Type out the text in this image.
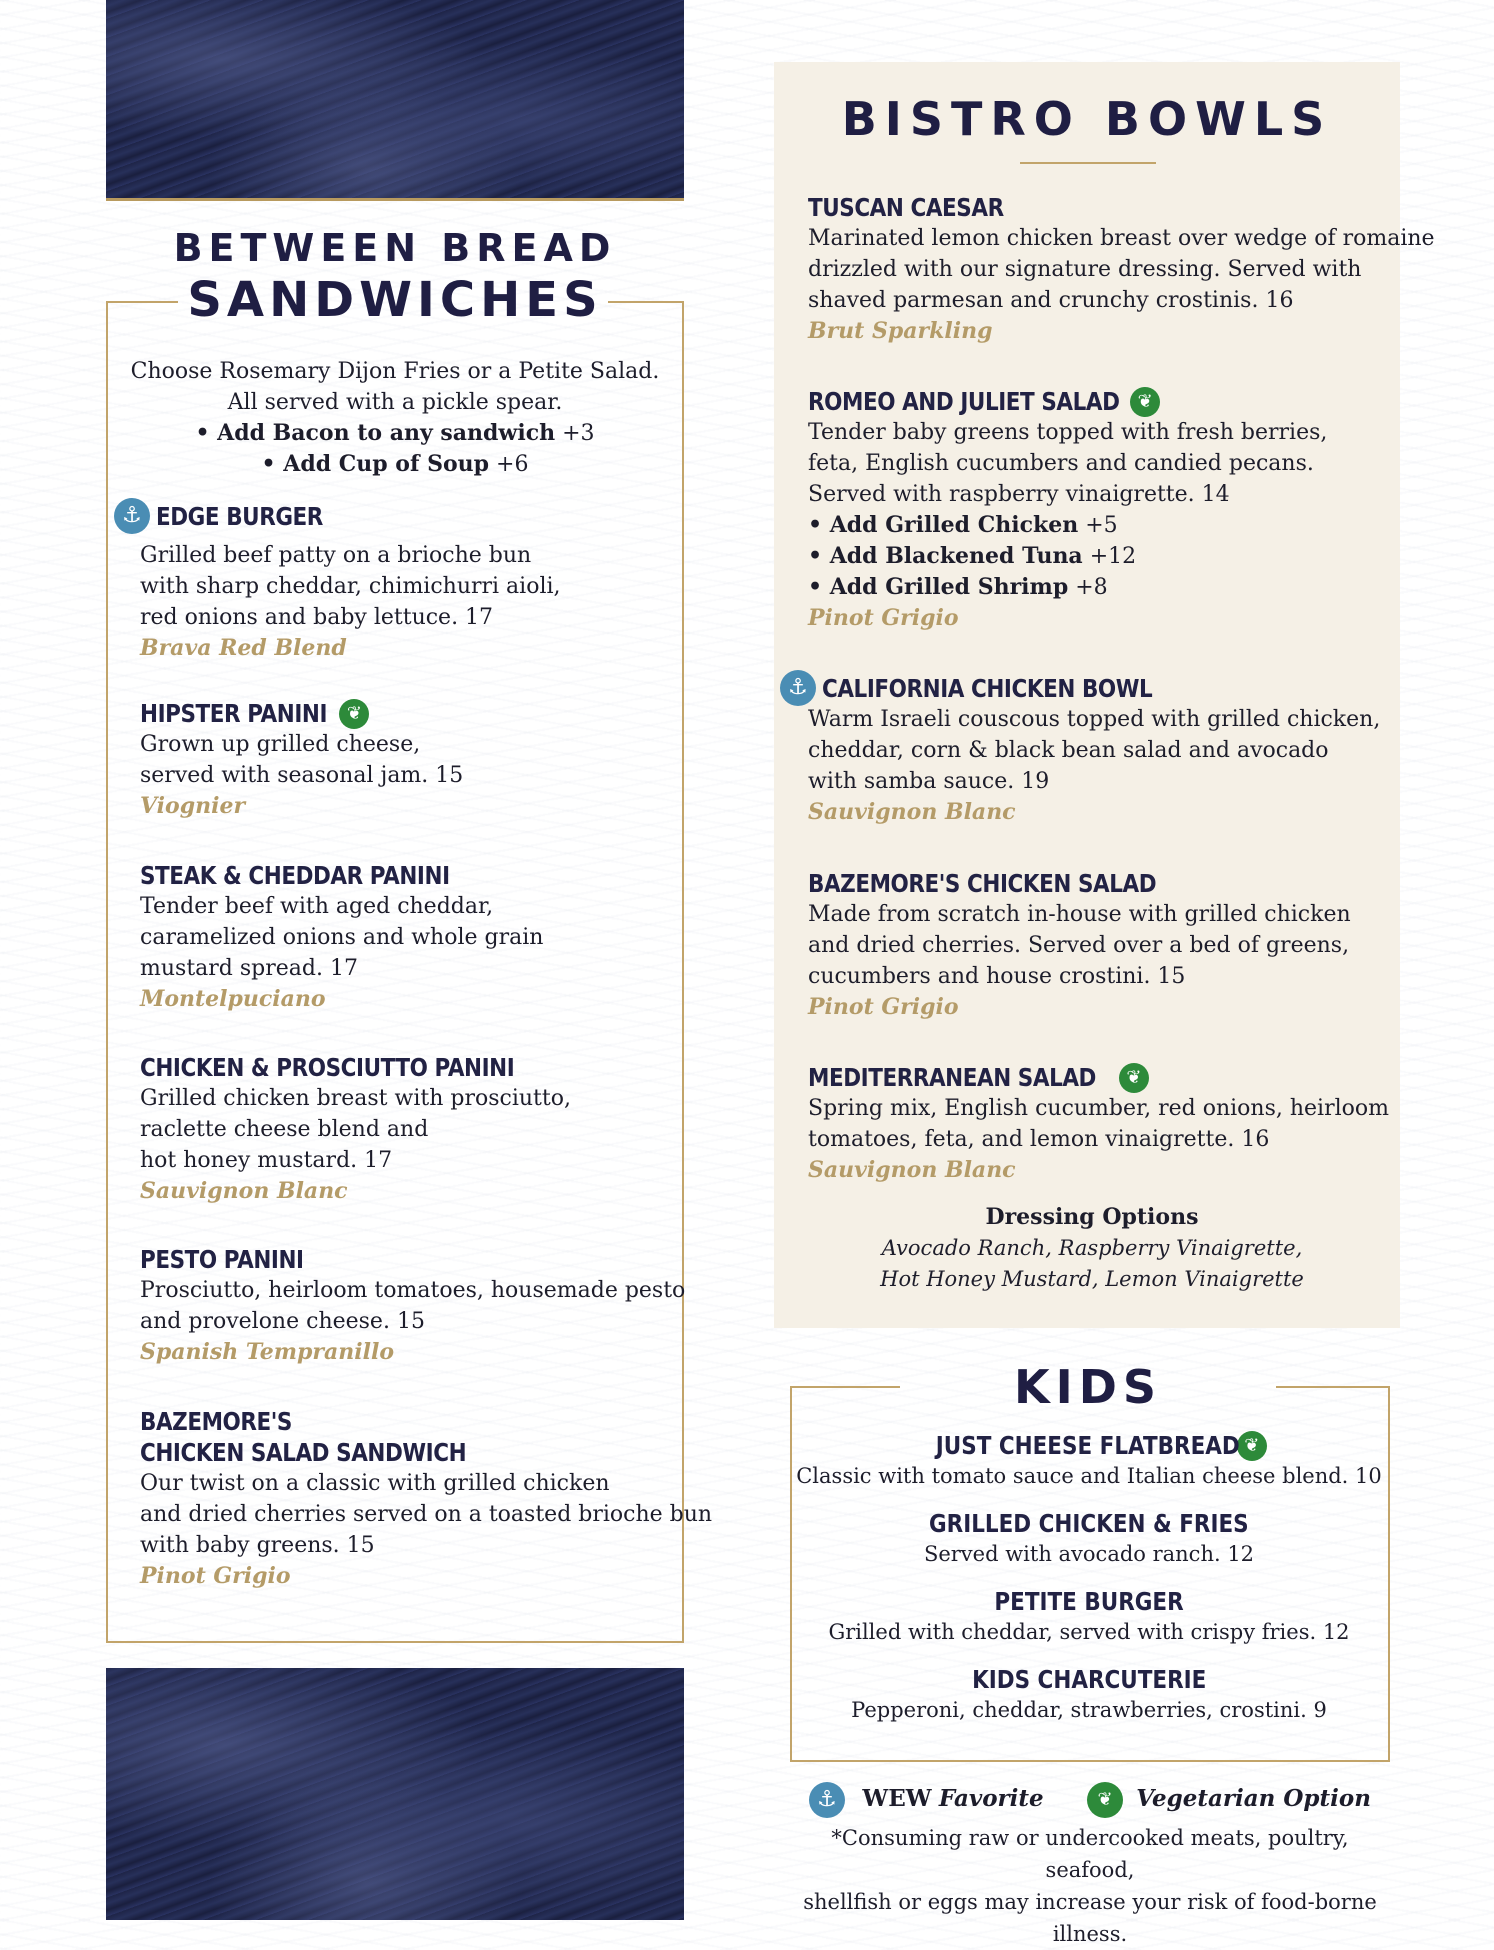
BETWEEN BREAD
SANDWICHES
Choose Rosemary Dijon Fries or a Petite Salad.
All served with a pickle spear.
• Add Bacon to any sandwich +3
• Add Cup of Soup +6
⚓ EDGE BURGER
Grilled beef patty on a brioche bun
with sharp cheddar, chimichurri aioli,
red onions and baby lettuce. 17
Brava Red Blend
HIPSTER PANINI	❦
Grown up grilled cheese,
served with seasonal jam. 15
Viognier
STEAK & CHEDDAR PANINI
Tender beef with aged cheddar,
caramelized onions and whole grain
mustard spread. 17
Montelpuciano
CHICKEN & PROSCIUTTO PANINI
Grilled chicken breast with prosciutto,
raclette cheese blend and
hot honey mustard. 17
Sauvignon Blanc
PESTO PANINI
Prosciutto, heirloom tomatoes, housemade pesto
and provelone cheese. 15
Spanish Tempranillo
BAZEMORE'S
CHICKEN SALAD SANDWICH
Our twist on a classic with grilled chicken
and dried cherries served on a toasted brioche bun
with baby greens. 15
Pinot Grigio
BISTRO BOWLS
TUSCAN CAESAR
Marinated lemon chicken breast over wedge of romaine
drizzled with our signature dressing. Served with
shaved parmesan and crunchy crostinis. 16
Brut Sparkling
ROMEO AND JULIET SALAD	❦
Tender baby greens topped with fresh berries,
feta, English cucumbers and candied pecans.
Served with raspberry vinaigrette. 14
• Add Grilled Chicken +5
• Add Blackened Tuna +12
• Add Grilled Shrimp +8
Pinot Grigio
⚓ CALIFORNIA CHICKEN BOWL
Warm Israeli couscous topped with grilled chicken,
cheddar, corn & black bean salad and avocado
with samba sauce. 19
Sauvignon Blanc
BAZEMORE'S CHICKEN SALAD
Made from scratch in-house with grilled chicken
and dried cherries. Served over a bed of greens,
cucumbers and house crostini. 15
Pinot Grigio
MEDITERRANEAN SALAD	❦
Spring mix, English cucumber, red onions, heirloom
tomatoes, feta, and lemon vinaigrette. 16
Sauvignon Blanc
Dressing Options
Avocado Ranch, Raspberry Vinaigrette,
Hot Honey Mustard, Lemon Vinaigrette
KIDS
JUST CHEESE FLATBREAD ❦
Classic with tomato sauce and Italian cheese blend. 10
GRILLED CHICKEN & FRIES
Served with avocado ranch. 12
PETITE BURGER
Grilled with cheddar, served with crispy fries. 12
KIDS CHARCUTERIE
Pepperoni, cheddar, strawberries, crostini. 9
⚓ WEW Favorite	❦ Vegetarian Option
*Consuming raw or undercooked meats, poultry, seafood,
shellfish or eggs may increase your risk of food-borne illness.
